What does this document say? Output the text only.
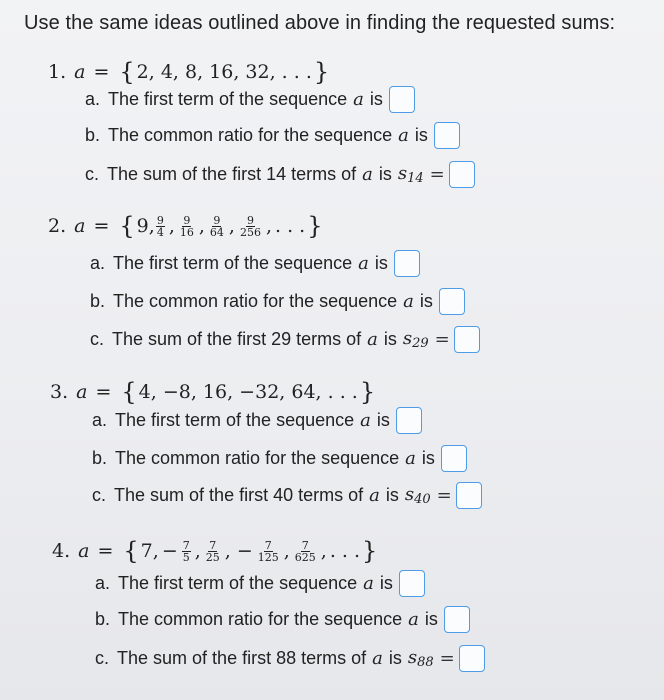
Use the same ideas outlined above in finding the requested sums:
1. a = { 2, 4, 8, 16, 32, . . . }
a. The first term of the sequence a is
b. The common ratio for the sequence a is
c. The sum of the first 14 terms of a is $s_{14}$ =
2. a = { 9, $\frac{9}{4}$ , $\frac{9}{16}$ , $\frac{9}{64}$ , $\frac{9}{256}$ , . . . }
a. The first term of the sequence a is
b. The common ratio for the sequence a is
c. The sum of the first 29 terms of a is $s_{29}$ =
3. a = { 4, −8, 16, −32, 64, . . . }
a. The first term of the sequence a is
b. The common ratio for the sequence a is
c. The sum of the first 40 terms of a is $s_{40}$ =
4. a = { 7, − $\frac{7}{5}$ , $\frac{7}{25}$ , − $\frac{7}{125}$ , $\frac{7}{625}$ , . . . }
a. The first term of the sequence a is
b. The common ratio for the sequence a is
c. The sum of the first 88 terms of a is $s_{88}$ =
